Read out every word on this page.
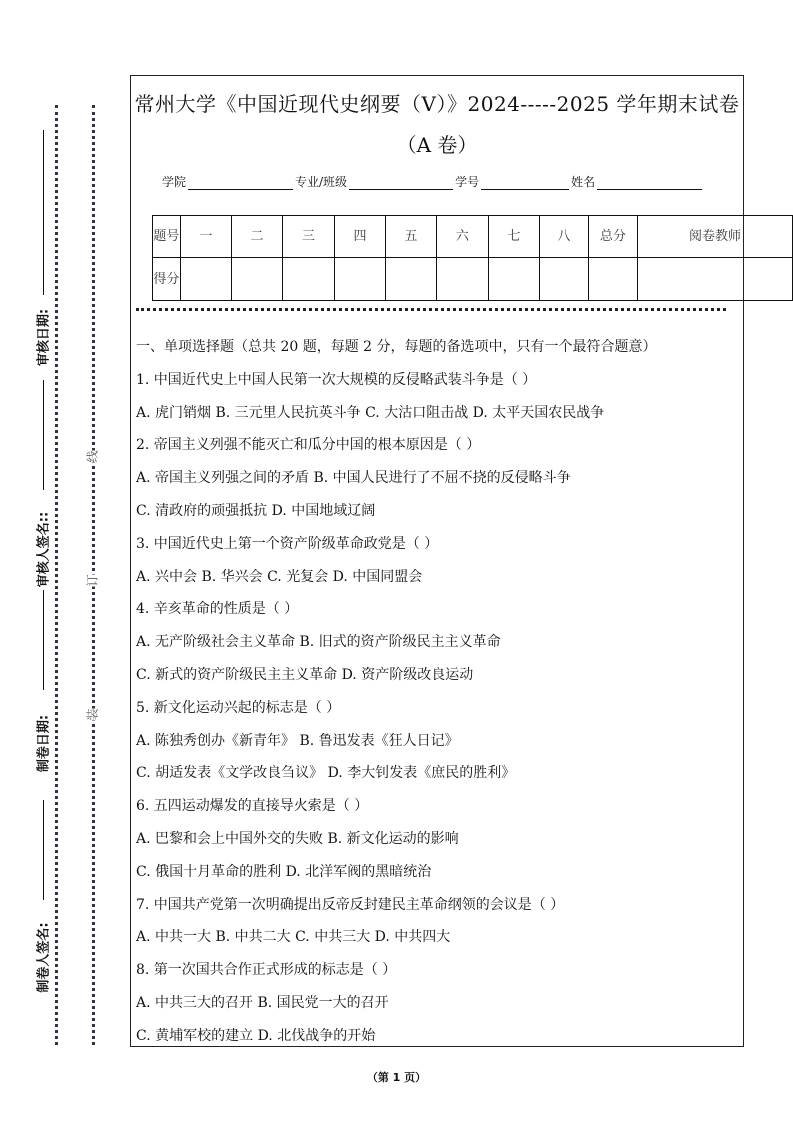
制卷人签名:
制卷日期:
审核人签名::
审核日期:
装
订
线
常州大学《中国近现代史纲要（V）》2024-----2025 学年期末试卷
（A 卷）
学院	专业/班级	学号	姓名
题号	一	二	三	四	五	六	七	八	总分	阅卷教师
得分										
一、单项选择题（总共 20 题，每题 2 分，每题的备选项中，只有一个最符合题意）
1. 中国近代史上中国人民第一次大规模的反侵略武装斗争是（ ）
A. 虎门销烟 B. 三元里人民抗英斗争 C. 大沽口阻击战 D. 太平天国农民战争
2. 帝国主义列强不能灭亡和瓜分中国的根本原因是（ ）
A. 帝国主义列强之间的矛盾 B. 中国人民进行了不屈不挠的反侵略斗争
C. 清政府的顽强抵抗 D. 中国地域辽阔
3. 中国近代史上第一个资产阶级革命政党是（ ）
A. 兴中会 B. 华兴会 C. 光复会 D. 中国同盟会
4. 辛亥革命的性质是（ ）
A. 无产阶级社会主义革命 B. 旧式的资产阶级民主主义革命
C. 新式的资产阶级民主主义革命 D. 资产阶级改良运动
5. 新文化运动兴起的标志是（ ）
A. 陈独秀创办《新青年》 B. 鲁迅发表《狂人日记》
C. 胡适发表《文学改良刍议》 D. 李大钊发表《庶民的胜利》
6. 五四运动爆发的直接导火索是（ ）
A. 巴黎和会上中国外交的失败 B. 新文化运动的影响
C. 俄国十月革命的胜利 D. 北洋军阀的黑暗统治
7. 中国共产党第一次明确提出反帝反封建民主革命纲领的会议是（ ）
A. 中共一大 B. 中共二大 C. 中共三大 D. 中共四大
8. 第一次国共合作正式形成的标志是（ ）
A. 中共三大的召开 B. 国民党一大的召开
C. 黄埔军校的建立 D. 北伐战争的开始
（第 1 页）
